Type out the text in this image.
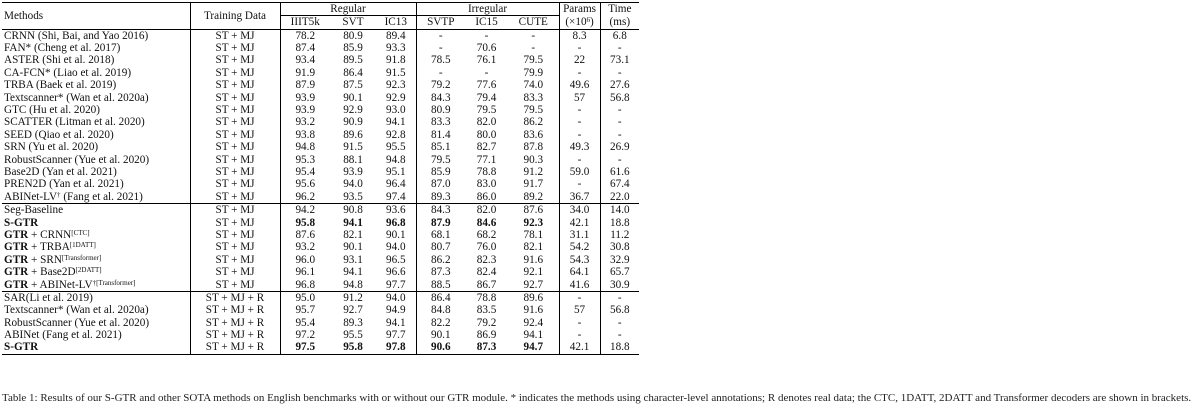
Methods	Training Data	Regular			Irregular			Params	Time
		IIIT5k	SVT	IC13	SVTP	IC15	CUTE	$(\times 10^6)$	(ms)
CRNN (Shi, Bai, and Yao 2016)	ST + MJ	78.2	80.9	89.4	-	-	-	8.3	6.8
FAN* (Cheng et al. 2017)	ST + MJ	87.4	85.9	93.3	-	70.6	-	-	-
ASTER (Shi et al. 2018)	ST + MJ	93.4	89.5	91.8	78.5	76.1	79.5	22	73.1
CA-FCN* (Liao et al. 2019)	ST + MJ	91.9	86.4	91.5	-	-	79.9	-	-
TRBA (Baek et al. 2019)	ST + MJ	87.9	87.5	92.3	79.2	77.6	74.0	49.6	27.6
Textscanner* (Wan et al. 2020a)	ST + MJ	93.9	90.1	92.9	84.3	79.4	83.3	57	56.8
GTC (Hu et al. 2020)	ST + MJ	93.9	92.9	93.0	80.9	79.5	79.5	-	-
SCATTER (Litman et al. 2020)	ST + MJ	93.2	90.9	94.1	83.3	82.0	86.2	-	-
SEED (Qiao et al. 2020)	ST + MJ	93.8	89.6	92.8	81.4	80.0	83.6	-	-
SRN (Yu et al. 2020)	ST + MJ	94.8	91.5	95.5	85.1	82.7	87.8	49.3	26.9
RobustScanner (Yue et al. 2020)	ST + MJ	95.3	88.1	94.8	79.5	77.1	90.3	-	-
Base2D (Yan et al. 2021)	ST + MJ	95.4	93.9	95.1	85.9	78.8	91.2	59.0	61.6
PREN2D (Yan et al. 2021)	ST + MJ	95.6	94.0	96.4	87.0	83.0	91.7	-	67.4
ABINet-LV† (Fang et al. 2021)	ST + MJ	96.2	93.5	97.4	89.3	86.0	89.2	36.7	22.0
Seg-Baseline	ST + MJ	94.2	90.8	93.6	84.3	82.0	87.6	34.0	14.0
S-GTR	ST + MJ	95.8	94.1	96.8	87.9	84.6	92.3	42.1	18.8
GTR + CRNN[CTC]	ST + MJ	87.6	82.1	90.1	68.1	68.2	78.1	31.1	11.2
GTR + TRBA[1DATT]	ST + MJ	93.2	90.1	94.0	80.7	76.0	82.1	54.2	30.8
GTR + SRN[Transformer]	ST + MJ	96.0	93.1	96.5	86.2	82.3	91.6	54.3	32.9
GTR + Base2D[2DATT]	ST + MJ	96.1	94.1	96.6	87.3	82.4	92.1	64.1	65.7
GTR + ABINet-$LV^{\dagger[Transformer]}$	ST + MJ	96.8	94.8	97.7	88.5	86.7	92.7	41.6	30.9
SAR(Li et al. 2019)	ST + MJ + R	95.0	91.2	94.0	86.4	78.8	89.6	-	-
Textscanner* (Wan et al. 2020a)	ST + MJ + R	95.7	92.7	94.9	84.8	83.5	91.6	57	56.8
RobustScanner (Yue et al. 2020)	ST + MJ + R	95.4	89.3	94.1	82.2	79.2	92.4	-	-
ABINet (Fang et al. 2021)	ST + MJ + R	97.2	95.5	97.7	90.1	86.9	94.1	-	-
S-GTR	ST + MJ + R	97.5	95.8	97.8	90.6	87.3	94.7	42.1	18.8
Table 1: Results of our S-GTR and other SOTA methods on English benchmarks with or without our GTR module. * indicates the methods using character-level annotations; R denotes real data; the CTC, 1DATT, 2DATT and Transformer decoders are shown in brackets.
